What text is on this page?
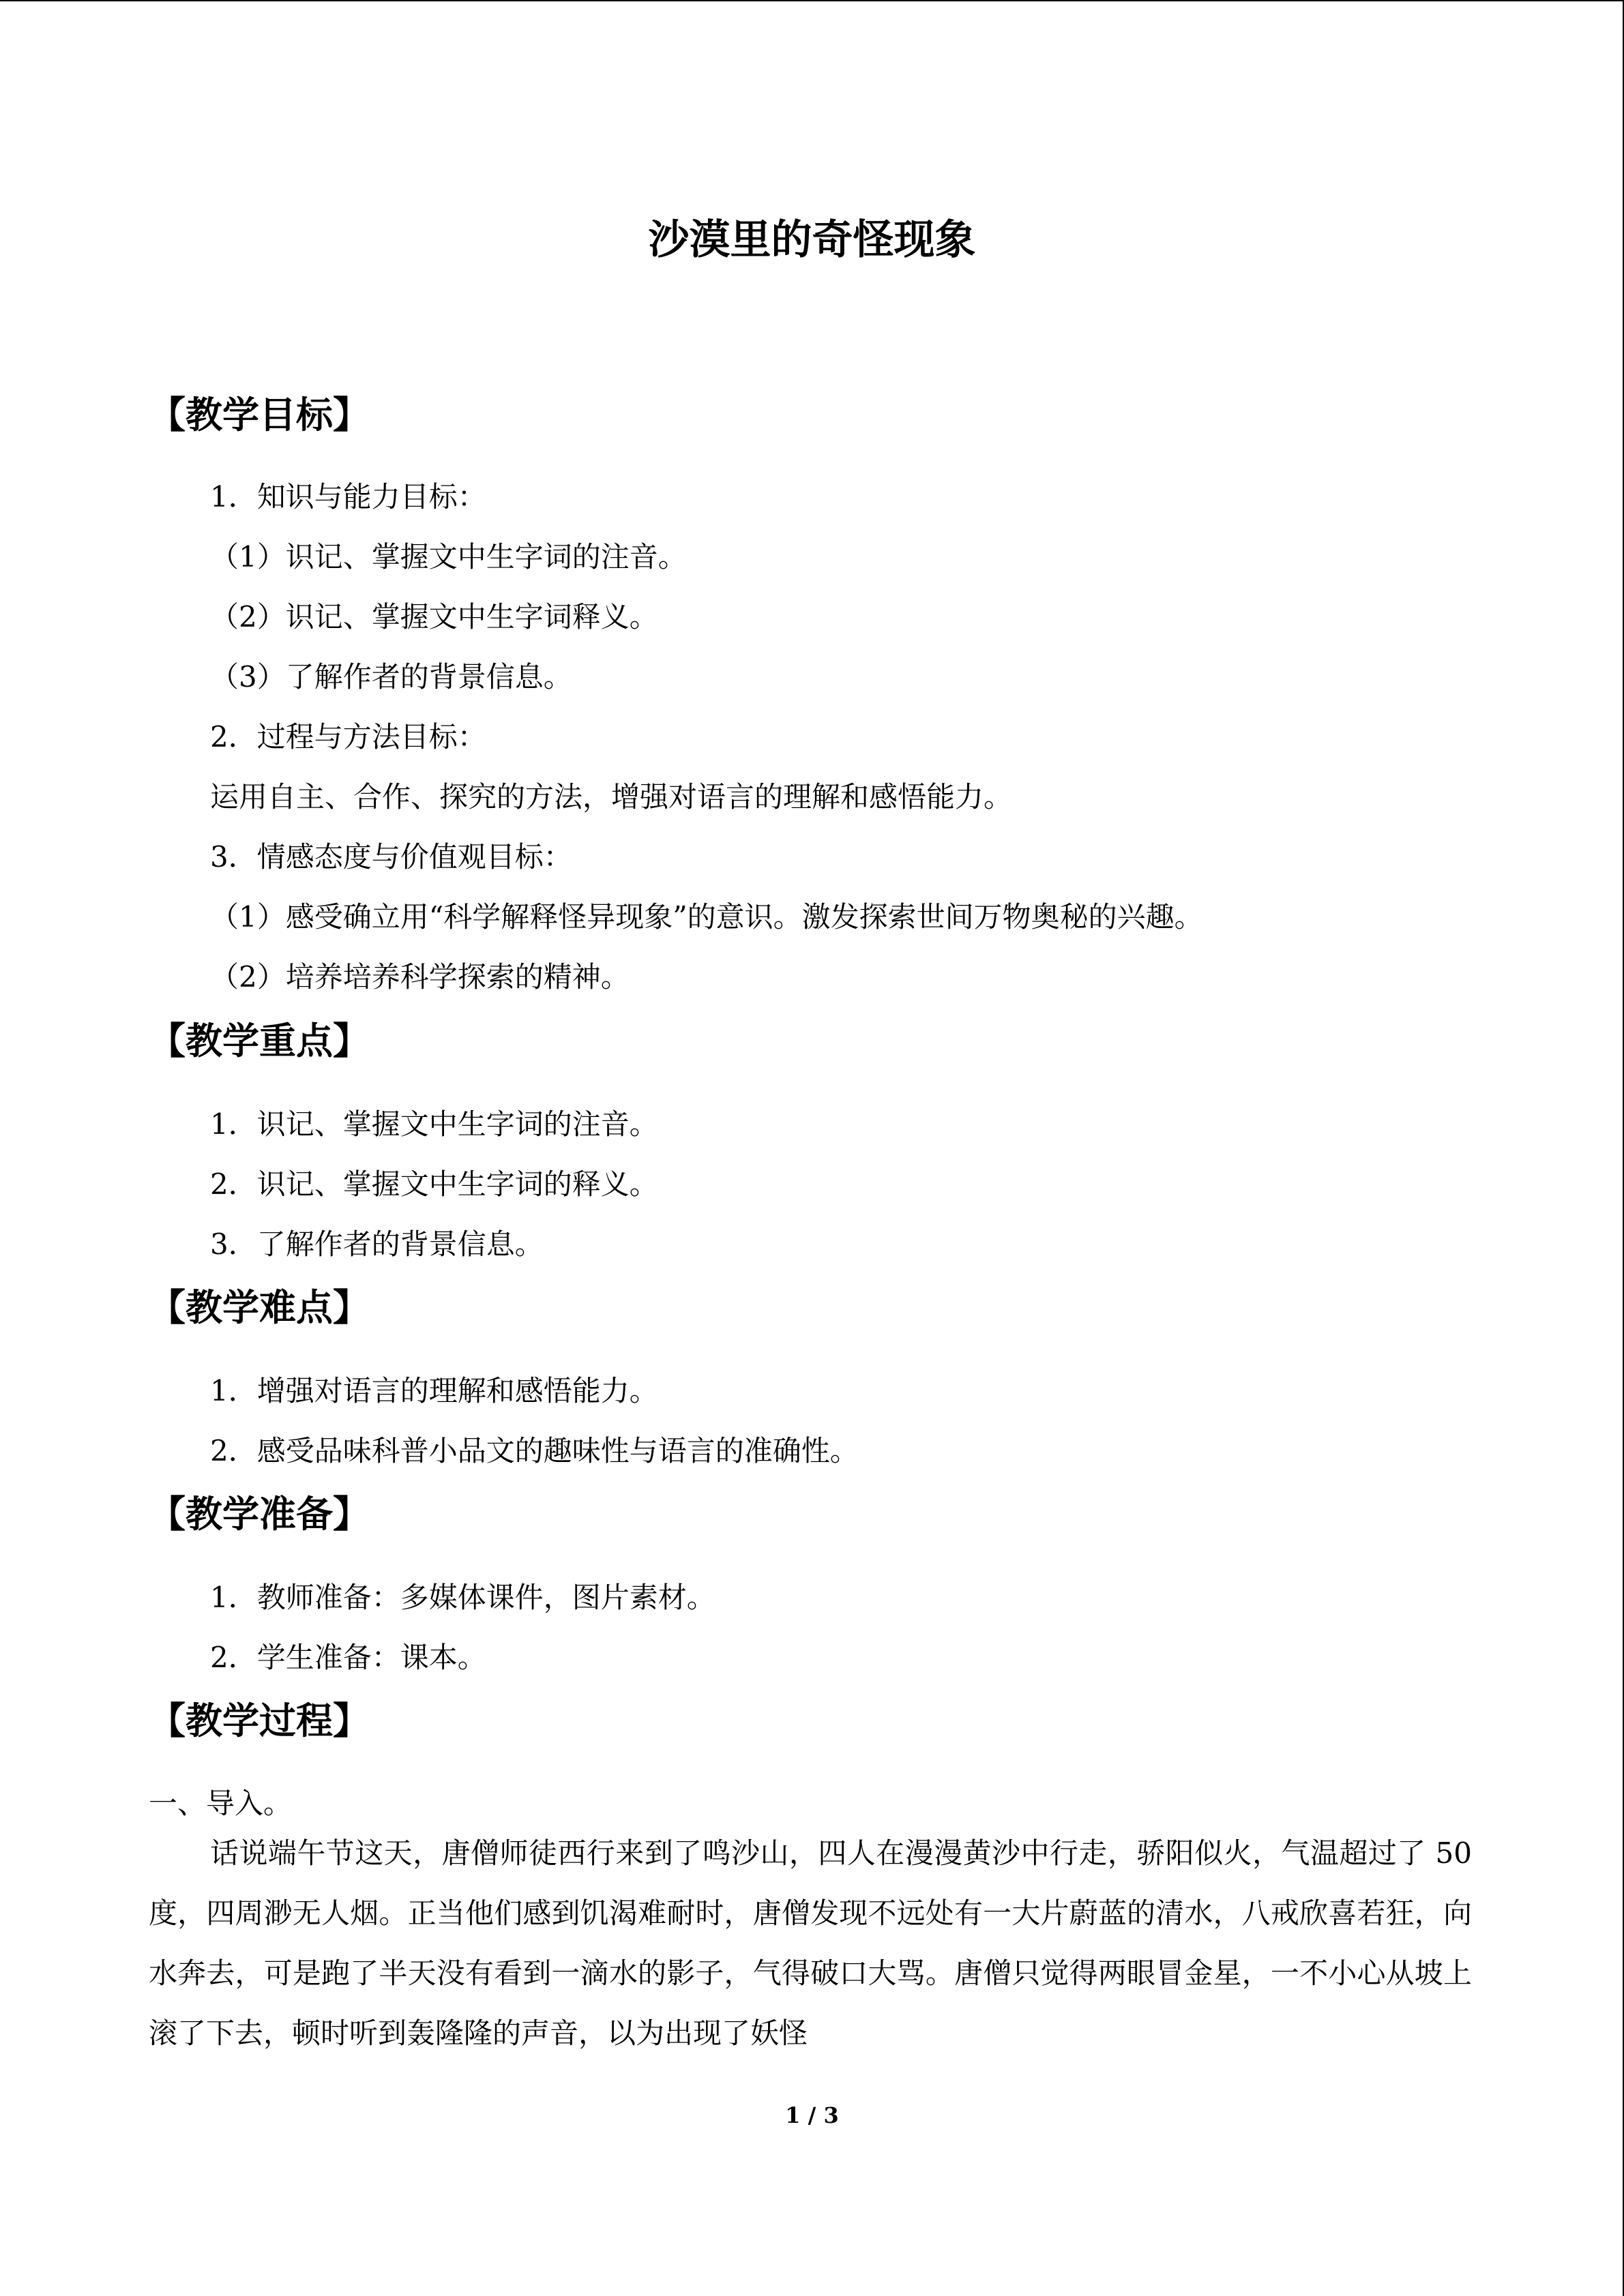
沙漠里的奇怪现象
【教学目标】
1．知识与能力目标：
（1）识记、掌握文中生字词的注音。
（2）识记、掌握文中生字词释义。
（3）了解作者的背景信息。
2．过程与方法目标：
运用自主、合作、探究的方法，增强对语言的理解和感悟能力。
3．情感态度与价值观目标：
（1）感受确立用“科学解释怪异现象”的意识。激发探索世间万物奥秘的兴趣。
（2）培养培养科学探索的精神。
【教学重点】
1．识记、掌握文中生字词的注音。
2．识记、掌握文中生字词的释义。
3．了解作者的背景信息。
【教学难点】
1．增强对语言的理解和感悟能力。
2．感受品味科普小品文的趣味性与语言的准确性。
【教学准备】
1．教师准备：多媒体课件，图片素材。
2．学生准备：课本。
【教学过程】
一、导入。
话说端午节这天，唐僧师徒西行来到了鸣沙山，四人在漫漫黄沙中行走，骄阳似火，气温超过了 50 度，四周渺无人烟。正当他们感到饥渴难耐时，唐僧发现不远处有一大片蔚蓝的清水，八戒欣喜若狂，向水奔去，可是跑了半天没有看到一滴水的影子，气得破口大骂。唐僧只觉得两眼冒金星，一不小心从坡上滚了下去，顿时听到轰隆隆的声音，以为出现了妖怪
1 / 3
